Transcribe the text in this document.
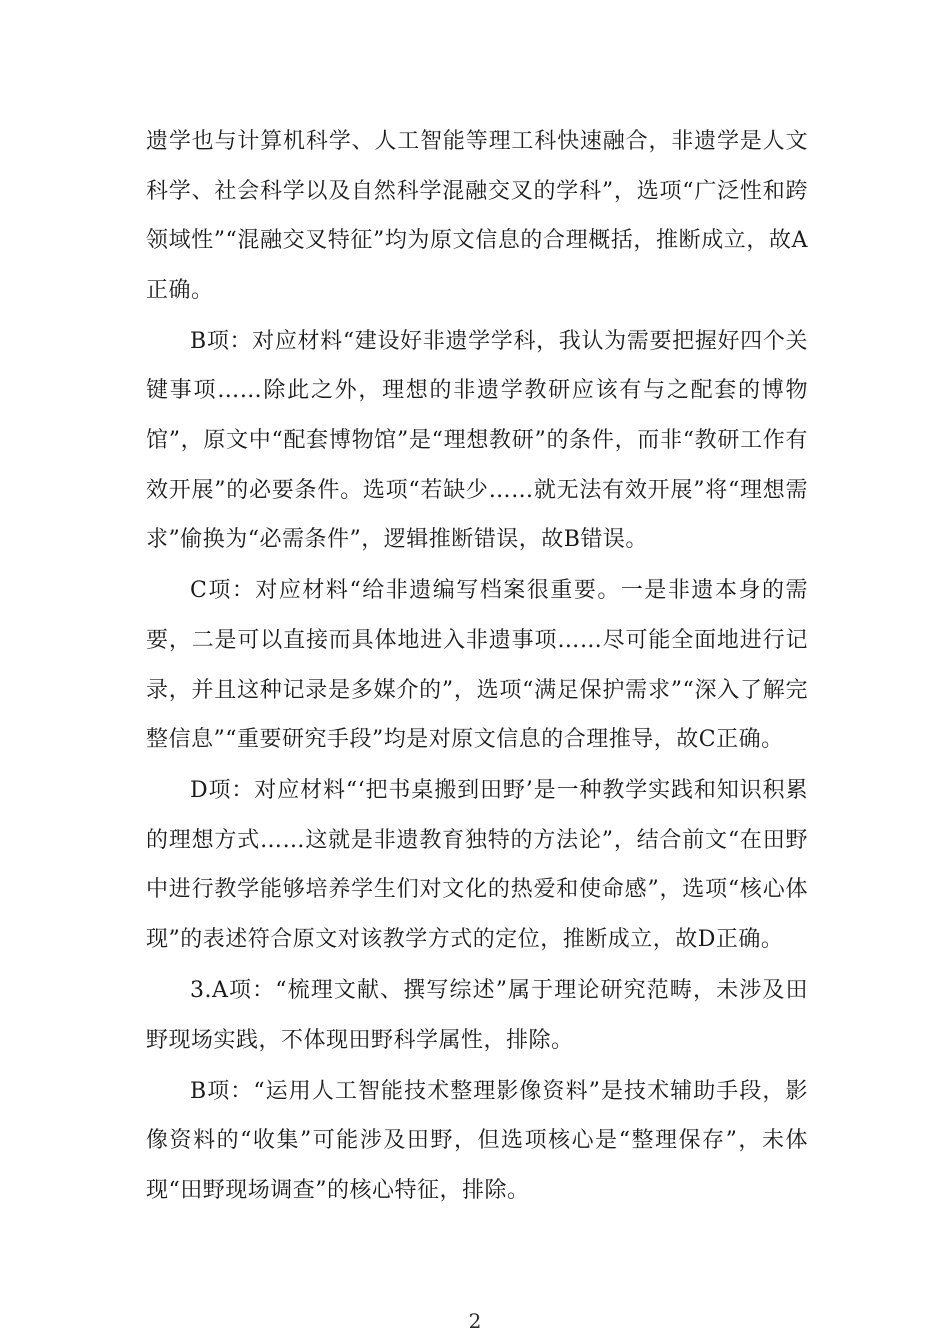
遗学也与计算机科学、人工智能等理工科快速融合，非遗学是人文科学、社会科学以及自然科学混融交叉的学科”，选项“广泛性和跨领域性”“混融交叉特征”均为原文信息的合理概括，推断成立，故A正确。

B项：对应材料“建设好非遗学学科，我认为需要把握好四个关键事项……除此之外，理想的非遗学教研应该有与之配套的博物馆”，原文中“配套博物馆”是“理想教研”的条件，而非“教研工作有效开展”的必要条件。选项“若缺少……就无法有效开展”将“理想需求”偷换为“必需条件”，逻辑推断错误，故B错误。

C项：对应材料“给非遗编写档案很重要。一是非遗本身的需要，二是可以直接而具体地进入非遗事项……尽可能全面地进行记录，并且这种记录是多媒介的”，选项“满足保护需求”“深入了解完整信息”“重要研究手段”均是对原文信息的合理推导，故C正确。

D项：对应材料“‘把书桌搬到田野’是一种教学实践和知识积累的理想方式……这就是非遗教育独特的方法论”，结合前文“在田野中进行教学能够培养学生们对文化的热爱和使命感”，选项“核心体现”的表述符合原文对该教学方式的定位，推断成立，故D正确。

3.A项：“梳理文献、撰写综述”属于理论研究范畴，未涉及田野现场实践，不体现田野科学属性，排除。

B项：“运用人工智能技术整理影像资料”是技术辅助手段，影像资料的“收集”可能涉及田野，但选项核心是“整理保存”，未体现“田野现场调查”的核心特征，排除。

2
